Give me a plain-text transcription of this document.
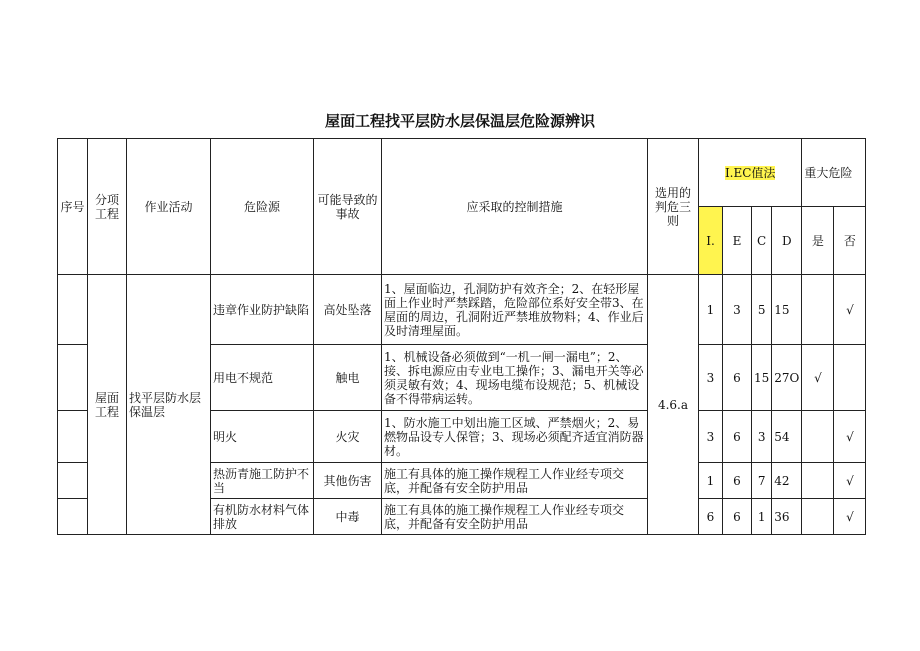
屋面工程找平层防水层保温层危险源辨识
序号	分项工程	作业活动	危险源	可能导致的事故	应采取的控制措施	选用的判危三则	I.EC值法				重大危险	
							I.	E	C	D	是	否
	屋面工程	找平层防水层保温层	违章作业防护缺陷	高处坠落	1、屋面临边，孔洞防护有效齐全；2、在轻形屋面上作业时严禁踩踏，危险部位系好安全带3、在屋面的周边，孔洞附近严禁堆放物料；4、作业后及时清理屋面。	4.6.a	1	3	5	15		√
			用电不规范	触电	1、机械设备必须做到“一机一闸一漏电”；2、接、拆电源应由专业电工操作；3、漏电开关等必须灵敏有效；4、现场电缆布设规范；5、机械设备不得带病运转。		3	6	15	27O	√	
			明火	火灾	1、防水施工中划出施工区域、严禁烟火；2、易燃物品设专人保管；3、现场必须配齐适宜消防器材。		3	6	3	54		√
			热沥青施工防护不当	其他伤害	施工有具体的施工操作规程工人作业经专项交底，并配备有安全防护用品		1	6	7	42		√
			有机防水材料气体排放	中毒	施工有具体的施工操作规程工人作业经专项交底，并配备有安全防护用品		6	6	1	36		√
